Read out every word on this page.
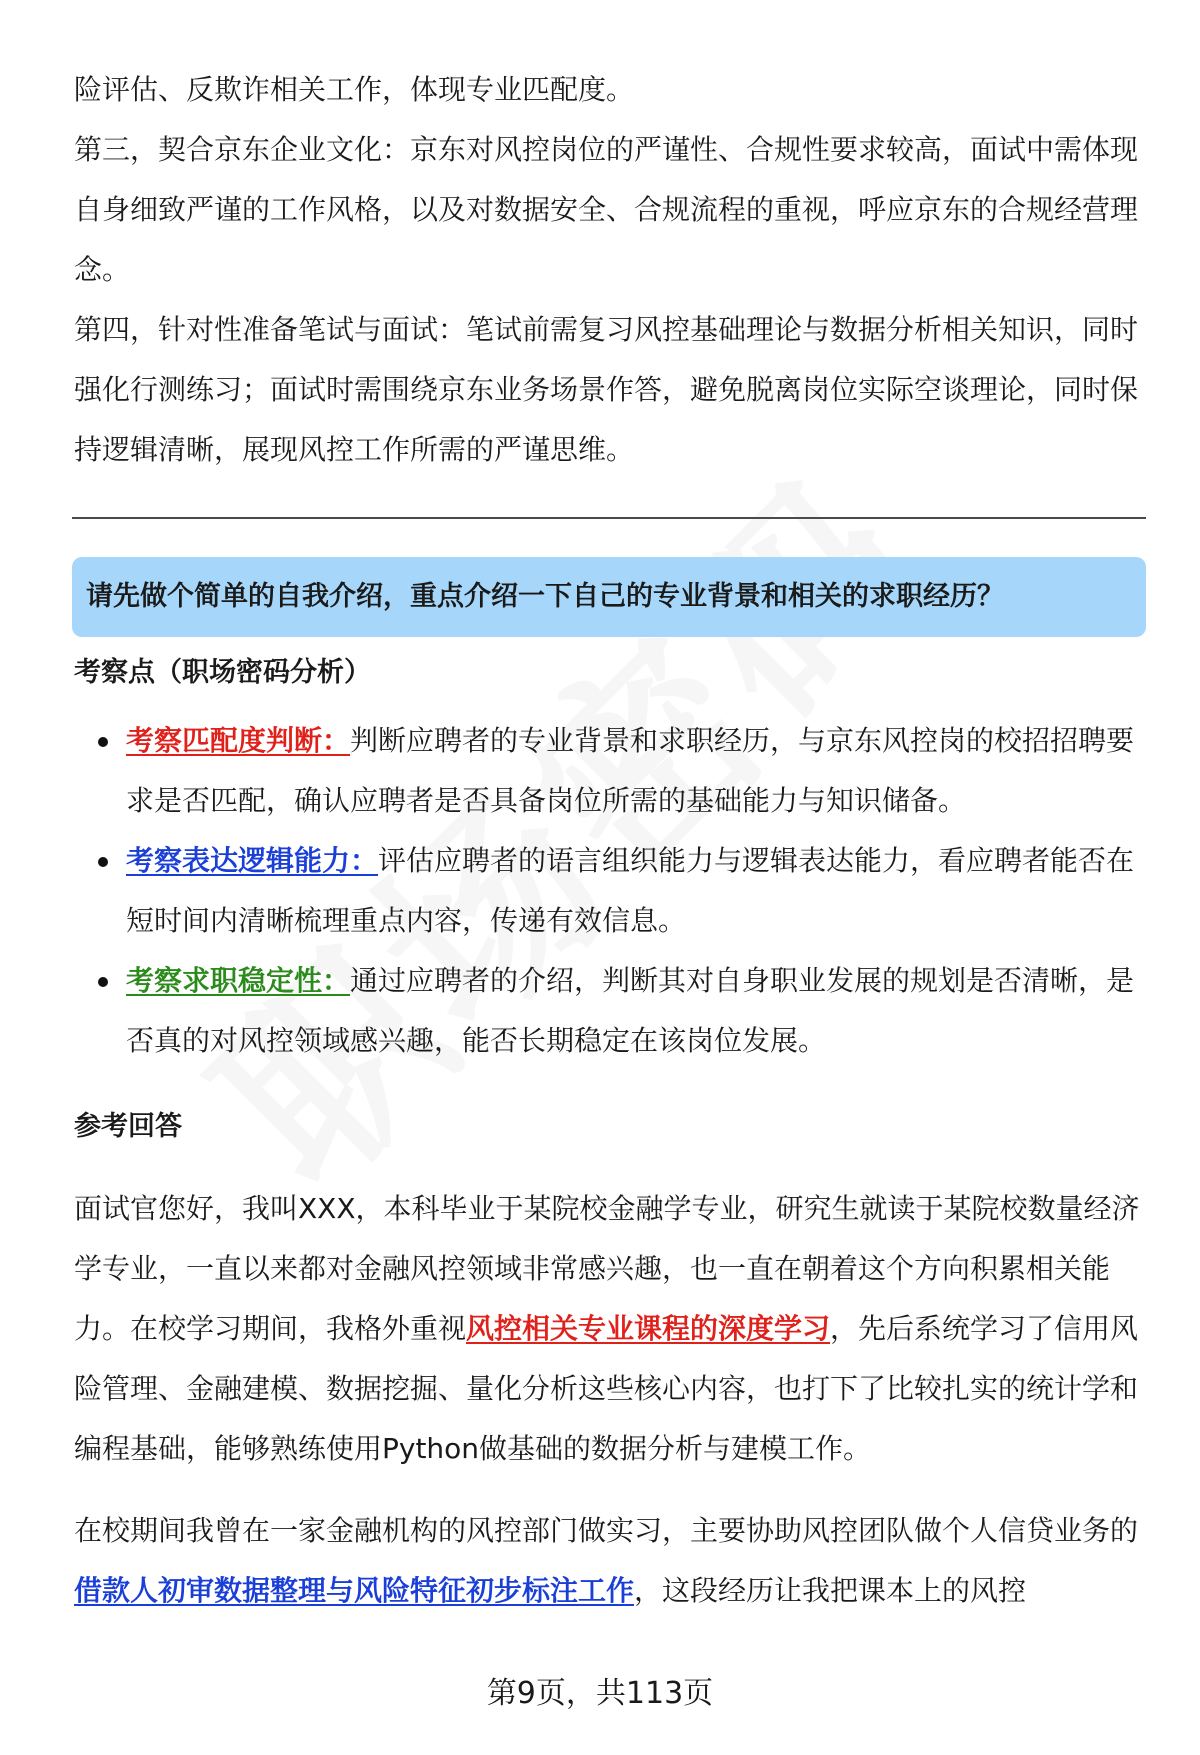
险评估、反欺诈相关工作，体现专业匹配度。

第三，契合京东企业文化：京东对风控岗位的严谨性、合规性要求较高，面试中需体现自身细致严谨的工作风格，以及对数据安全、合规流程的重视，呼应京东的合规经营理念。

第四，针对性准备笔试与面试：笔试前需复习风控基础理论与数据分析相关知识，同时强化行测练习；面试时需围绕京东业务场景作答，避免脱离岗位实际空谈理论，同时保持逻辑清晰，展现风控工作所需的严谨思维。

请先做个简单的自我介绍，重点介绍一下自己的专业背景和相关的求职经历？
考察点（职场密码分析）
考察匹配度判断：判断应聘者的专业背景和求职经历，与京东风控岗的校招招聘要求是否匹配，确认应聘者是否具备岗位所需的基础能力与知识储备。
考察表达逻辑能力：评估应聘者的语言组织能力与逻辑表达能力，看应聘者能否在短时间内清晰梳理重点内容，传递有效信息。
考察求职稳定性：通过应聘者的介绍，判断其对自身职业发展的规划是否清晰，是否真的对风控领域感兴趣，能否长期稳定在该岗位发展。
参考回答

面试官您好，我叫XXX，本科毕业于某院校金融学专业，研究生就读于某院校数量经济学专业，一直以来都对金融风控领域非常感兴趣，也一直在朝着这个方向积累相关能力。在校学习期间，我格外重视风控相关专业课程的深度学习，先后系统学习了信用风险管理、金融建模、数据挖掘、量化分析这些核心内容，也打下了比较扎实的统计学和编程基础，能够熟练使用Python做基础的数据分析与建模工作。

在校期间我曾在一家金融机构的风控部门做实习，主要协助风控团队做个人信贷业务的借款人初审数据整理与风险特征初步标注工作，这段经历让我把课本上的风控

第9页，共113页
